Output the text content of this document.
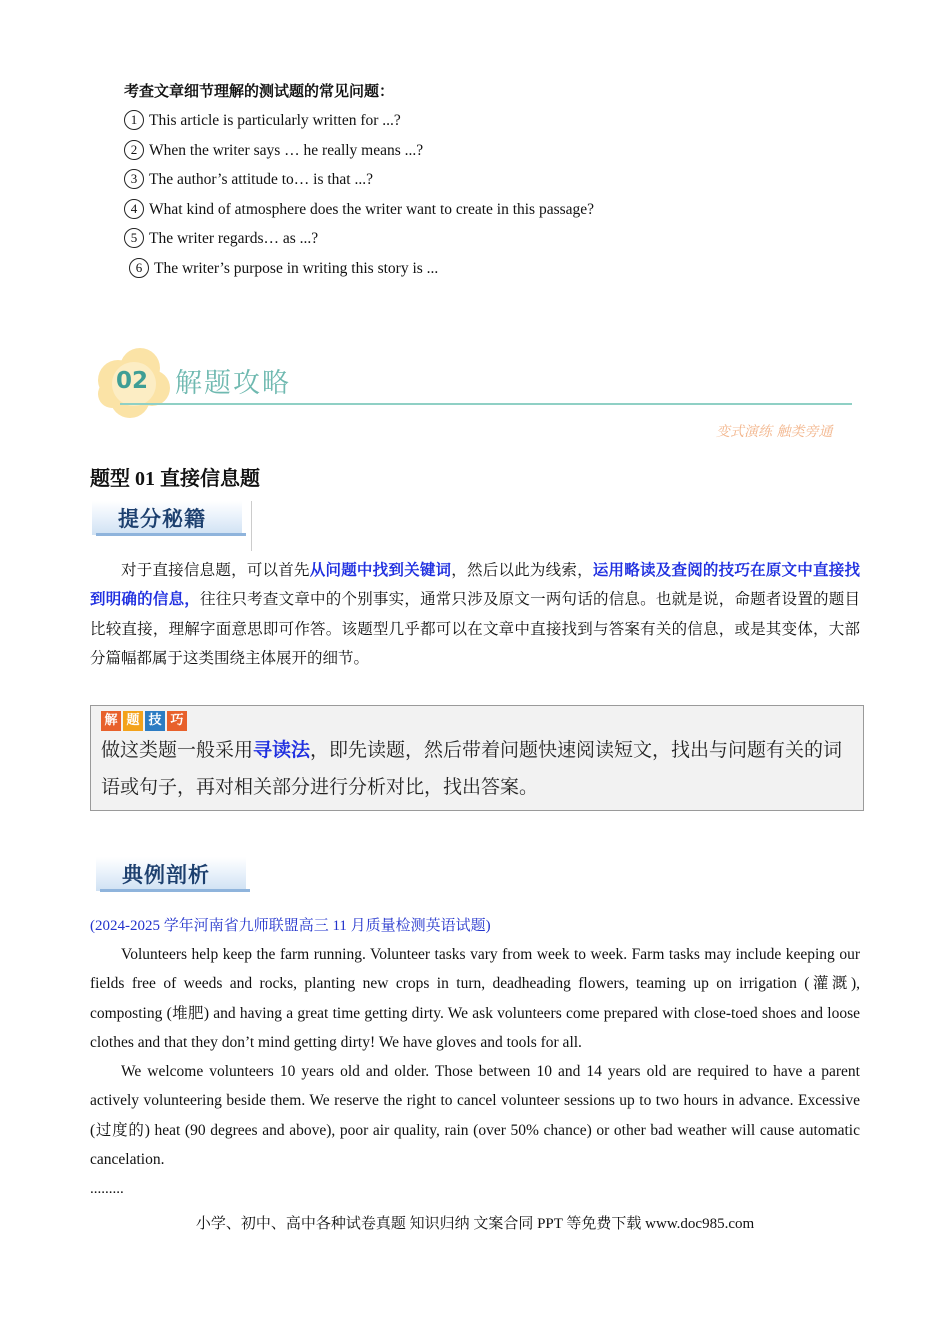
考查文章细节理解的测试题的常见问题：
1 This article is particularly written for ...?
2 When the writer says … he really means ...?
3 The author’s attitude to… is that ...?
4 What kind of atmosphere does the writer want to create in this passage?
5 The writer regards… as ...?
6 The writer’s purpose in writing this story is ...
02 解题攻略
变式演练 触类旁通
题型 01 直接信息题
提分秘籍

对于直接信息题，可以首先从问题中找到关键词，然后以此为线索，运用略读及查阅的技巧在原文中直接找到明确的信息，往往只考查文章中的个别事实，通常只涉及原文一两句话的信息。也就是说，命题者设置的题目比较直接，理解字面意思即可作答。该题型几乎都可以在文章中直接找到与答案有关的信息，或是其变体，大部分篇幅都属于这类围绕主体展开的细节。

解 题 技 巧
做这类题一般采用寻读法，即先读题，然后带着问题快速阅读短文，找出与问题有关的词语或句子，再对相关部分进行分析对比，找出答案。
典例剖析
(2024-2025 学年河南省九师联盟高三 11 月质量检测英语试题)

Volunteers help keep the farm running. Volunteer tasks vary from week to week. Farm tasks may include keeping our fields free of weeds and rocks, planting new crops in turn, deadheading flowers, teaming up on irrigation (灌溉), composting (堆肥) and having a great time getting dirty. We ask volunteers come prepared with close-toed shoes and loose clothes and that they don’t mind getting dirty! We have gloves and tools for all.

We welcome volunteers 10 years old and older. Those between 10 and 14 years old are required to have a parent actively volunteering beside them. We reserve the right to cancel volunteer sessions up to two hours in advance. Excessive (过度的) heat (90 degrees and above), poor air quality, rain (over 50% chance) or other bad weather will cause automatic cancelation.

.........
小学、初中、高中各种试卷真题 知识归纳 文案合同 PPT 等免费下载 www.doc985.com
